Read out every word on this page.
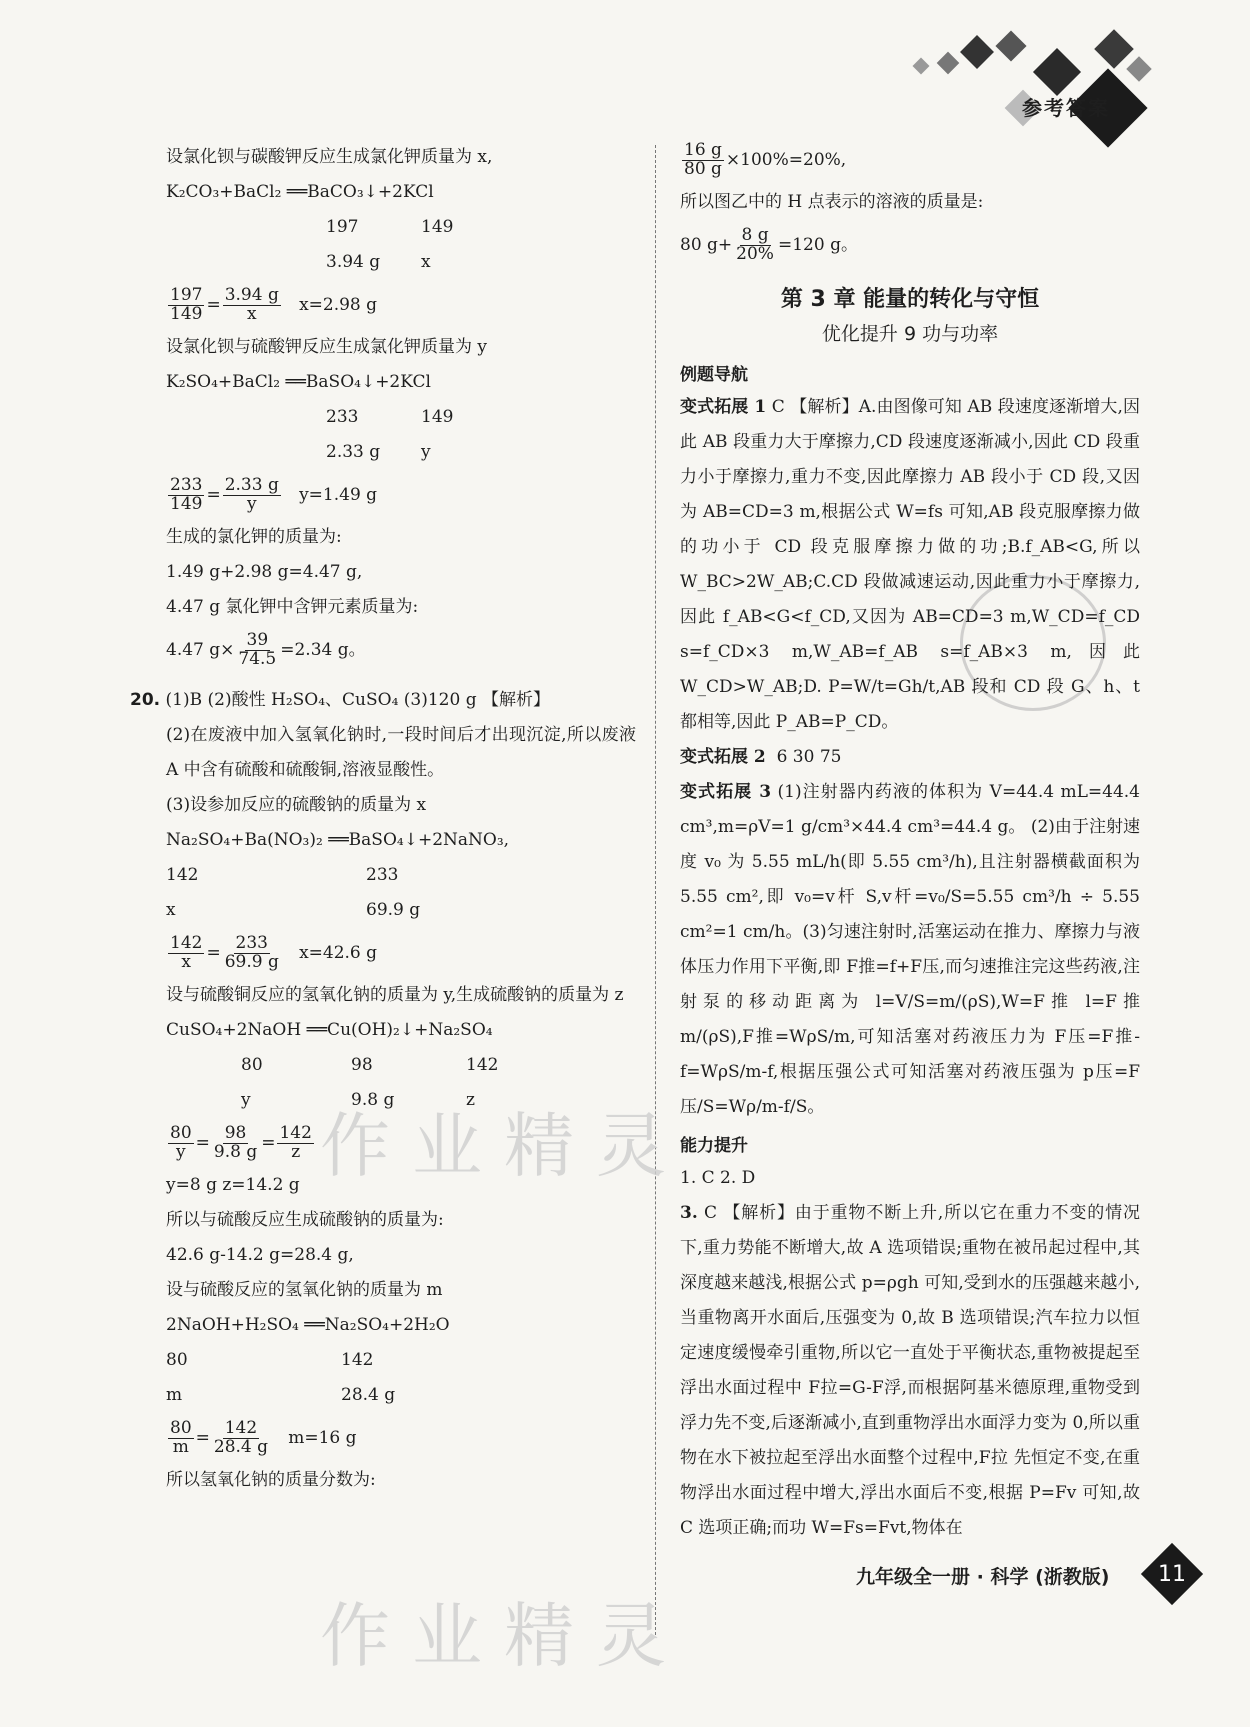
参考答案
作业精灵
作业精灵
设氯化钡与碳酸钾反应生成氯化钾质量为 x,
K₂CO₃+BaCl₂ ══BaCO₃↓+2KCl
197	149
3.94 g	x
$\frac{197}{149} = \frac{3.94 g}{x} x=2.98$ g
设氯化钡与硫酸钾反应生成氯化钾质量为 y
K₂SO₄+BaCl₂ ══BaSO₄↓+2KCl
233	149
2.33 g	y
$\frac{233}{149} = \frac{2.33 g}{y} y=1.49$ g
生成的氯化钾的质量为:
1.49 g+2.98 g=4.47 g,
4.47 g 氯化钾中含钾元素质量为:
4.47 $g\times \frac{39}{74.5} =2.34$ g。
20. (1)B (2)酸性 H₂SO₄、CuSO₄ (3)120 g 【解析】
(2)在废液中加入氢氧化钠时,一段时间后才出现沉淀,所以废液 A 中含有硫酸和硫酸铜,溶液显酸性。
(3)设参加反应的硫酸钠的质量为 x
Na₂SO₄+Ba(NO₃)₂ ══BaSO₄↓+2NaNO₃,
142	233
x	69.9 g
$\frac{142}{x} = \frac{233}{69.9 g} x=42.6$ g
设与硫酸铜反应的氢氧化钠的质量为 y,生成硫酸钠的质量为 z
CuSO₄+2NaOH ══Cu(OH)₂↓+Na₂SO₄
80	98	142
y	9.8 g	z
$\frac{80}{y} = \frac{98}{9.8 g} = \frac{142}{z}$
y=8 g z=14.2 g
所以与硫酸反应生成硫酸钠的质量为:
42.6 g-14.2 g=28.4 g,
设与硫酸反应的氢氧化钠的质量为 m
2NaOH+H₂SO₄ ══Na₂SO₄+2H₂O
80	142
m	28.4 g
$\frac{80}{m} = \frac{142}{28.4 g} m=16$ g
所以氢氧化钠的质量分数为:
$\frac{16 g}{80 g} \times 100\%=20\%$,
所以图乙中的 H 点表示的溶液的质量是:
80 $g+ \frac{8 g}{20\%} =120$ g。
第 3 章 能量的转化与守恒
优化提升 9 功与功率
例题导航
变式拓展 1 C 【解析】A.由图像可知 AB 段速度逐渐增大,因此 AB 段重力大于摩擦力,CD 段速度逐渐减小,因此 CD 段重力小于摩擦力,重力不变,因此摩擦力 AB 段小于 CD 段,又因为 AB=CD=3 m,根据公式 W=fs 可知,AB 段克服摩擦力做的功小于 CD 段克服摩擦力做的功;B.f_AB<G,所以 W_BC>2W_AB;C.CD 段做减速运动,因此重力小于摩擦力,因此 f_AB<G<f_CD,又因为 AB=CD=3 m,W_CD=f_CD s=f_CD×3 m,W_AB=f_AB s=f_AB×3 m,因此 W_CD>W_AB;D. P=W/t=Gh/t,AB 段和 CD 段 G、h、t 都相等,因此 P_AB=P_CD。
变式拓展 2 6 30 75
变式拓展 3 (1)注射器内药液的体积为 V=44.4 mL=44.4 cm³,m=ρV=1 g/cm³×44.4 cm³=44.4 g。 (2)由于注射速度 v₀ 为 5.55 mL/h(即 5.55 cm³/h),且注射器横截面积为 5.55 cm²,即 v₀=v杆 S,v杆=v₀/S=5.55 cm³/h ÷ 5.55 cm²=1 cm/h。(3)匀速注射时,活塞运动在推力、摩擦力与液体压力作用下平衡,即 F推=f+F压,而匀速推注完这些药液,注射泵的移动距离为 l=V/S=m/(ρS),W=F推 l=F推 m/(ρS),F推=WρS/m,可知活塞对药液压力为 F压=F推-f=WρS/m-f,根据压强公式可知活塞对药液压强为 p压=F压/S=Wρ/m-f/S。
能力提升
1. C 2. D
3. C 【解析】由于重物不断上升,所以它在重力不变的情况下,重力势能不断增大,故 A 选项错误;重物在被吊起过程中,其深度越来越浅,根据公式 p=ρgh 可知,受到水的压强越来越小,当重物离开水面后,压强变为 0,故 B 选项错误;汽车拉力以恒定速度缓慢牵引重物,所以它一直处于平衡状态,重物被提起至浮出水面过程中 F拉=G-F浮,而根据阿基米德原理,重物受到浮力先不变,后逐渐减小,直到重物浮出水面浮力变为 0,所以重物在水下被拉起至浮出水面整个过程中,F拉 先恒定不变,在重物浮出水面过程中增大,浮出水面后不变,根据 P=Fv 可知,故 C 选项正确;而功 W=Fs=Fvt,物体在
九年级全一册 · 科学 (浙教版)	11
